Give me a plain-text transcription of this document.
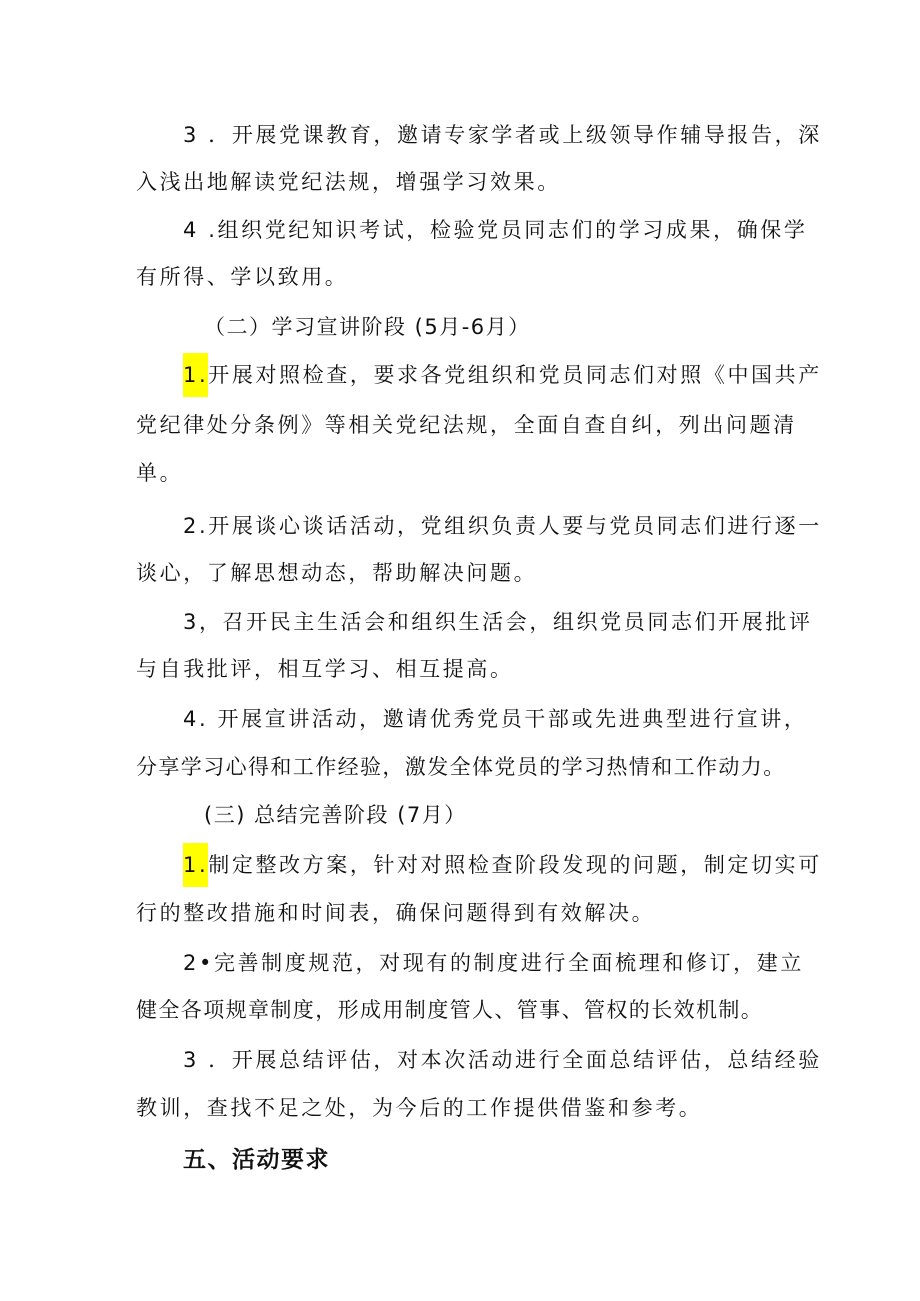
3 ．开展党课教育，邀请专家学者或上级领导作辅导报告，深
入浅出地解读党纪法规，增强学习效果。
4 .组织党纪知识考试，检验党员同志们的学习成果，确保学
有所得、学以致用。
（二）学习宣讲阶段 (5月-6月）
1.开展对照检查，要求各党组织和党员同志们对照《中国共产
党纪律处分条例》等相关党纪法规，全面自查自纠，列出问题清
单。
2.开展谈心谈话活动，党组织负责人要与党员同志们进行逐一
谈心，了解思想动态，帮助解决问题。
3，召开民主生活会和组织生活会，组织党员同志们开展批评
与自我批评，相互学习、相互提高。
4. 开展宣讲活动，邀请优秀党员干部或先进典型进行宣讲，
分享学习心得和工作经验，激发全体党员的学习热情和工作动力。
(三) 总结完善阶段 (7月）
1.制定整改方案，针对对照检查阶段发现的问题，制定切实可
行的整改措施和时间表，确保问题得到有效解决。
2•完善制度规范，对现有的制度进行全面梳理和修订，建立
健全各项规章制度，形成用制度管人、管事、管权的长效机制。
3 ．开展总结评估，对本次活动进行全面总结评估，总结经验
教训，查找不足之处，为今后的工作提供借鉴和参考。
五、活动要求
